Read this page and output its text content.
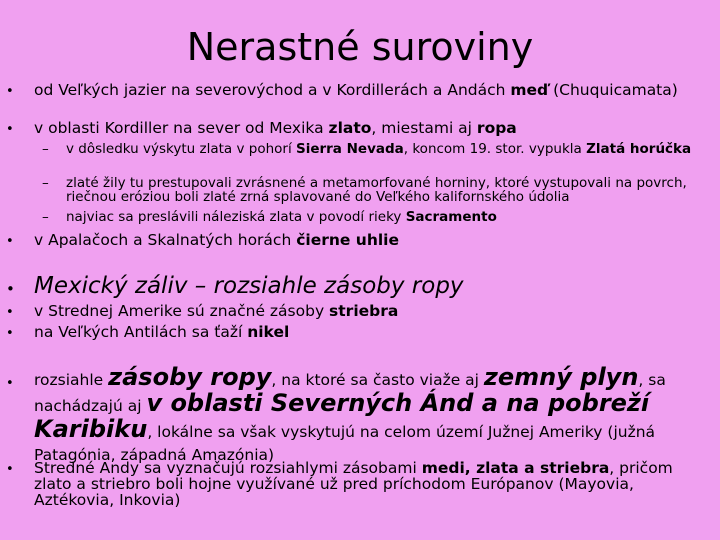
Nerastné suroviny
• od Veľkých jazier na severovýchod a v Kordillerách a Andách meď (Chuquicamata)
• v oblasti Kordiller na sever od Mexika zlato, miestami aj ropa
– v dôsledku výskytu zlata v pohorí Sierra Nevada, koncom 19. stor. vypukla Zlatá horúčka
– zlaté žily tu prestupovali zvrásnené a metamorfované horniny, ktoré vystupovali na povrch, riečnou eróziou boli zlaté zrná splavované do Veľkého kalifornského údolia
– najviac sa preslávili náleziská zlata v povodí rieky Sacramento
• v Apalačoch a Skalnatých horách čierne uhlie
• Mexický záliv – rozsiahle zásoby ropy
• v Strednej Amerike sú značné zásoby striebra
• na Veľkých Antilách sa ťaží nikel
• rozsiahle zásoby ropy, na ktoré sa často viaže aj zemný plyn, sa nachádzajú aj v oblasti Severných Ánd a na pobreží Karibiku, lokálne sa však vyskytujú na celom území Južnej Ameriky (južná Patagónia, západná Amazónia)
• Stredné Andy sa vyznačujú rozsiahlymi zásobami medi, zlata a striebra, pričom zlato a striebro boli hojne využívané už pred príchodom Európanov (Mayovia, Aztékovia, Inkovia)
